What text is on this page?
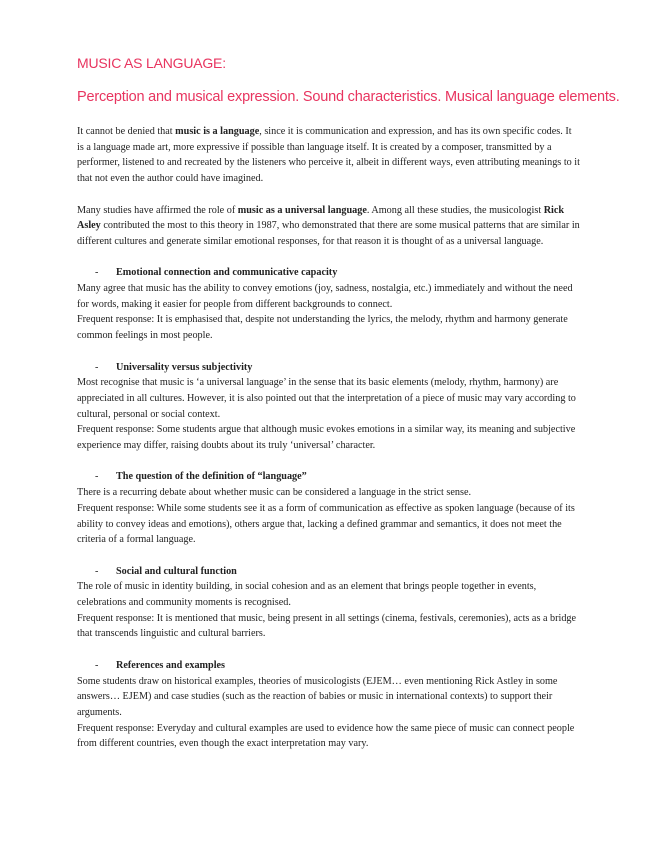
MUSIC AS LANGUAGE:
Perception and musical expression. Sound characteristics. Musical language elements.

It cannot be denied that music is a language, since it is communication and expression, and has its own specific codes. It is a language made art, more expressive if possible than language itself. It is created by a composer, transmitted by a performer, listened to and recreated by the listeners who perceive it, albeit in different ways, even attributing meanings to it that not even the author could have imagined.

Many studies have affirmed the role of music as a universal language. Among all these studies, the musicologist Rick Asley contributed the most to this theory in 1987, who demonstrated that there are some musical patterns that are similar in different cultures and generate similar emotional responses, for that reason it is thought of as a universal language.

- Emotional connection and communicative capacity

Many agree that music has the ability to convey emotions (joy, sadness, nostalgia, etc.) immediately and without the need for words, making it easier for people from different backgrounds to connect.

Frequent response: It is emphasised that, despite not understanding the lyrics, the melody, rhythm and harmony generate common feelings in most people.

- Universality versus subjectivity

Most recognise that music is ‘a universal language’ in the sense that its basic elements (melody, rhythm, harmony) are appreciated in all cultures. However, it is also pointed out that the interpretation of a piece of music may vary according to cultural, personal or social context.

Frequent response: Some students argue that although music evokes emotions in a similar way, its meaning and subjective experience may differ, raising doubts about its truly ‘universal’ character.

- The question of the definition of “language”

There is a recurring debate about whether music can be considered a language in the strict sense.

Frequent response: While some students see it as a form of communication as effective as spoken language (because of its ability to convey ideas and emotions), others argue that, lacking a defined grammar and semantics, it does not meet the criteria of a formal language.

- Social and cultural function

The role of music in identity building, in social cohesion and as an element that brings people together in events, celebrations and community moments is recognised.

Frequent response: It is mentioned that music, being present in all settings (cinema, festivals, ceremonies), acts as a bridge that transcends linguistic and cultural barriers.

- References and examples

Some students draw on historical examples, theories of musicologists (EJEM… even mentioning Rick Astley in some answers… EJEM) and case studies (such as the reaction of babies or music in international contexts) to support their arguments.

Frequent response: Everyday and cultural examples are used to evidence how the same piece of music can connect people from different countries, even though the exact interpretation may vary.
